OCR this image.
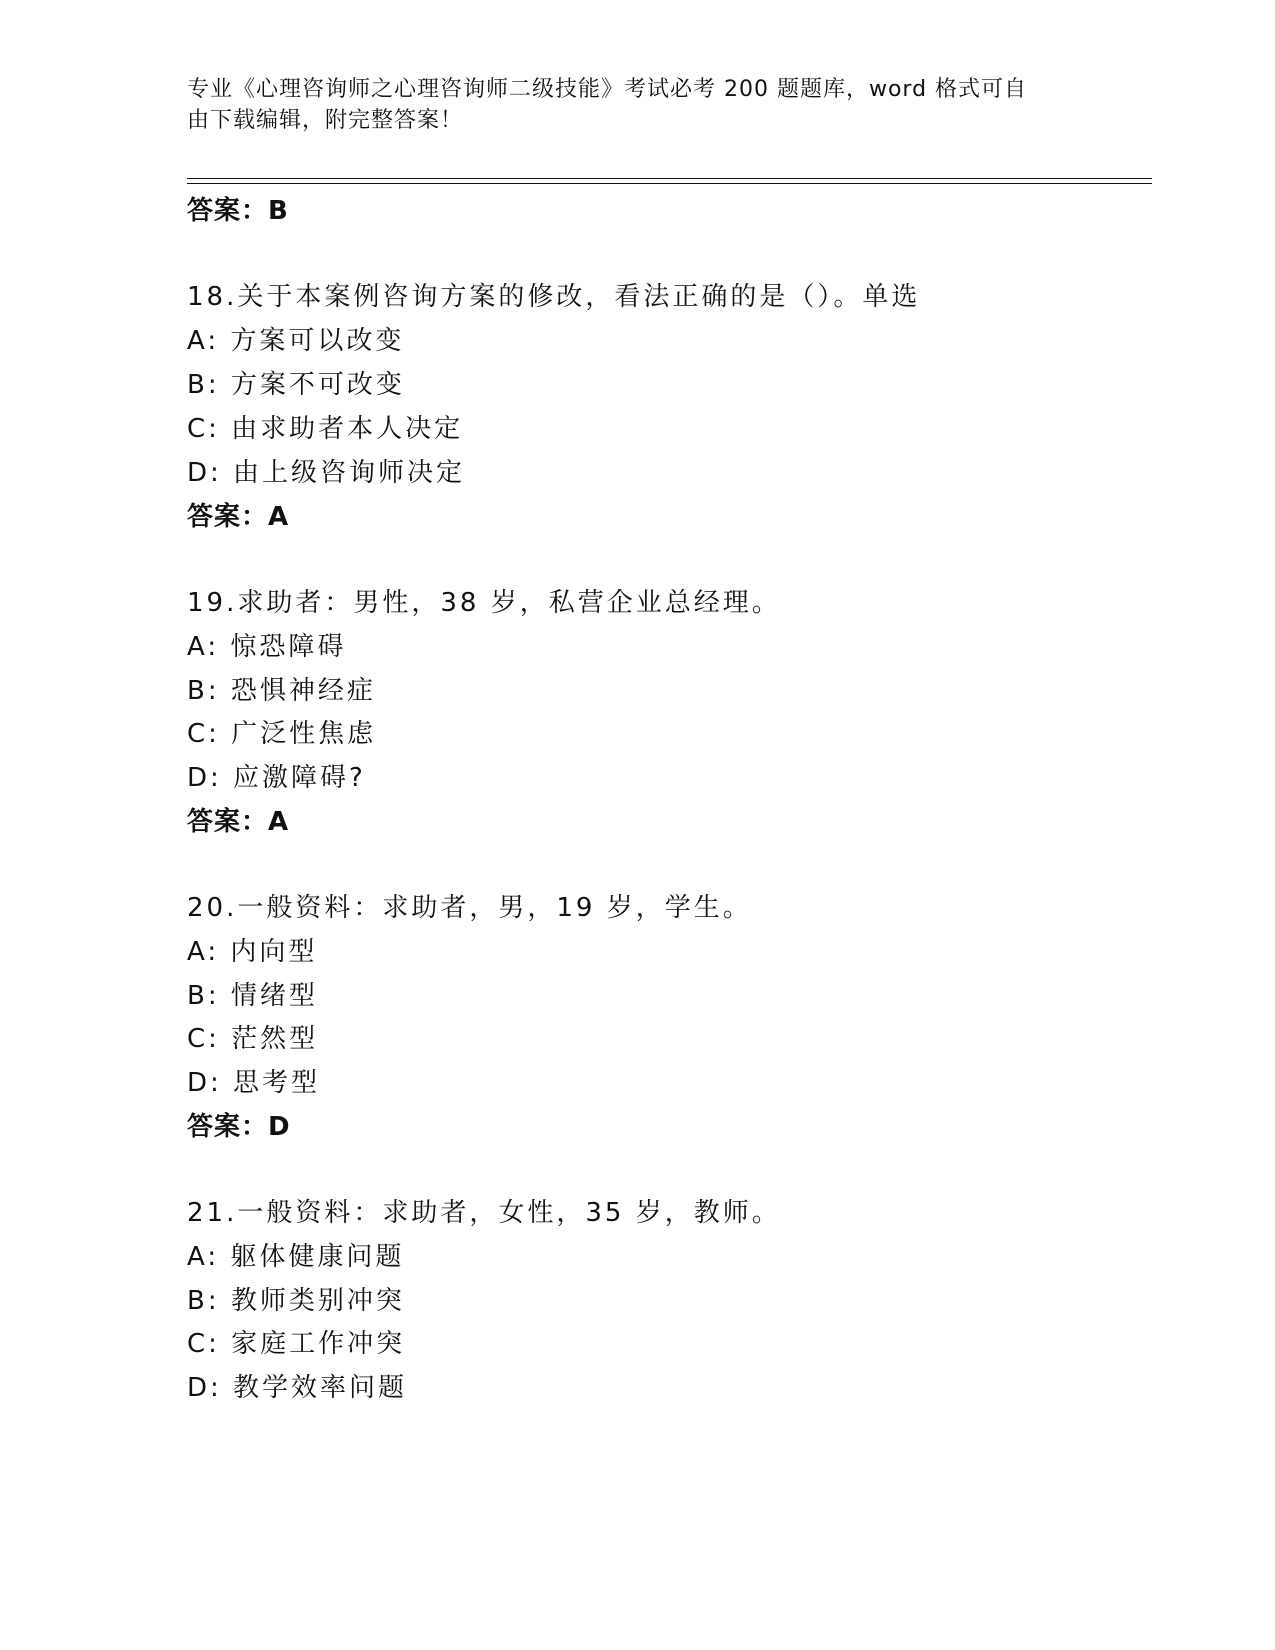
专业《心理咨询师之心理咨询师二级技能》考试必考 200 题题库，word 格式可自
由下载编辑，附完整答案！
答案：B
18.关于本案例咨询方案的修改，看法正确的是（）。单选
A: 方案可以改变
B: 方案不可改变
C: 由求助者本人决定
D: 由上级咨询师决定
答案：A
19.求助者：男性，38 岁，私营企业总经理。
A: 惊恐障碍
B: 恐惧神经症
C: 广泛性焦虑
D: 应激障碍?
答案：A
20.一般资料：求助者，男，19 岁，学生。
A: 内向型
B: 情绪型
C: 茫然型
D: 思考型
答案：D
21.一般资料：求助者，女性，35 岁，教师。
A: 躯体健康问题
B: 教师类别冲突
C: 家庭工作冲突
D: 教学效率问题
